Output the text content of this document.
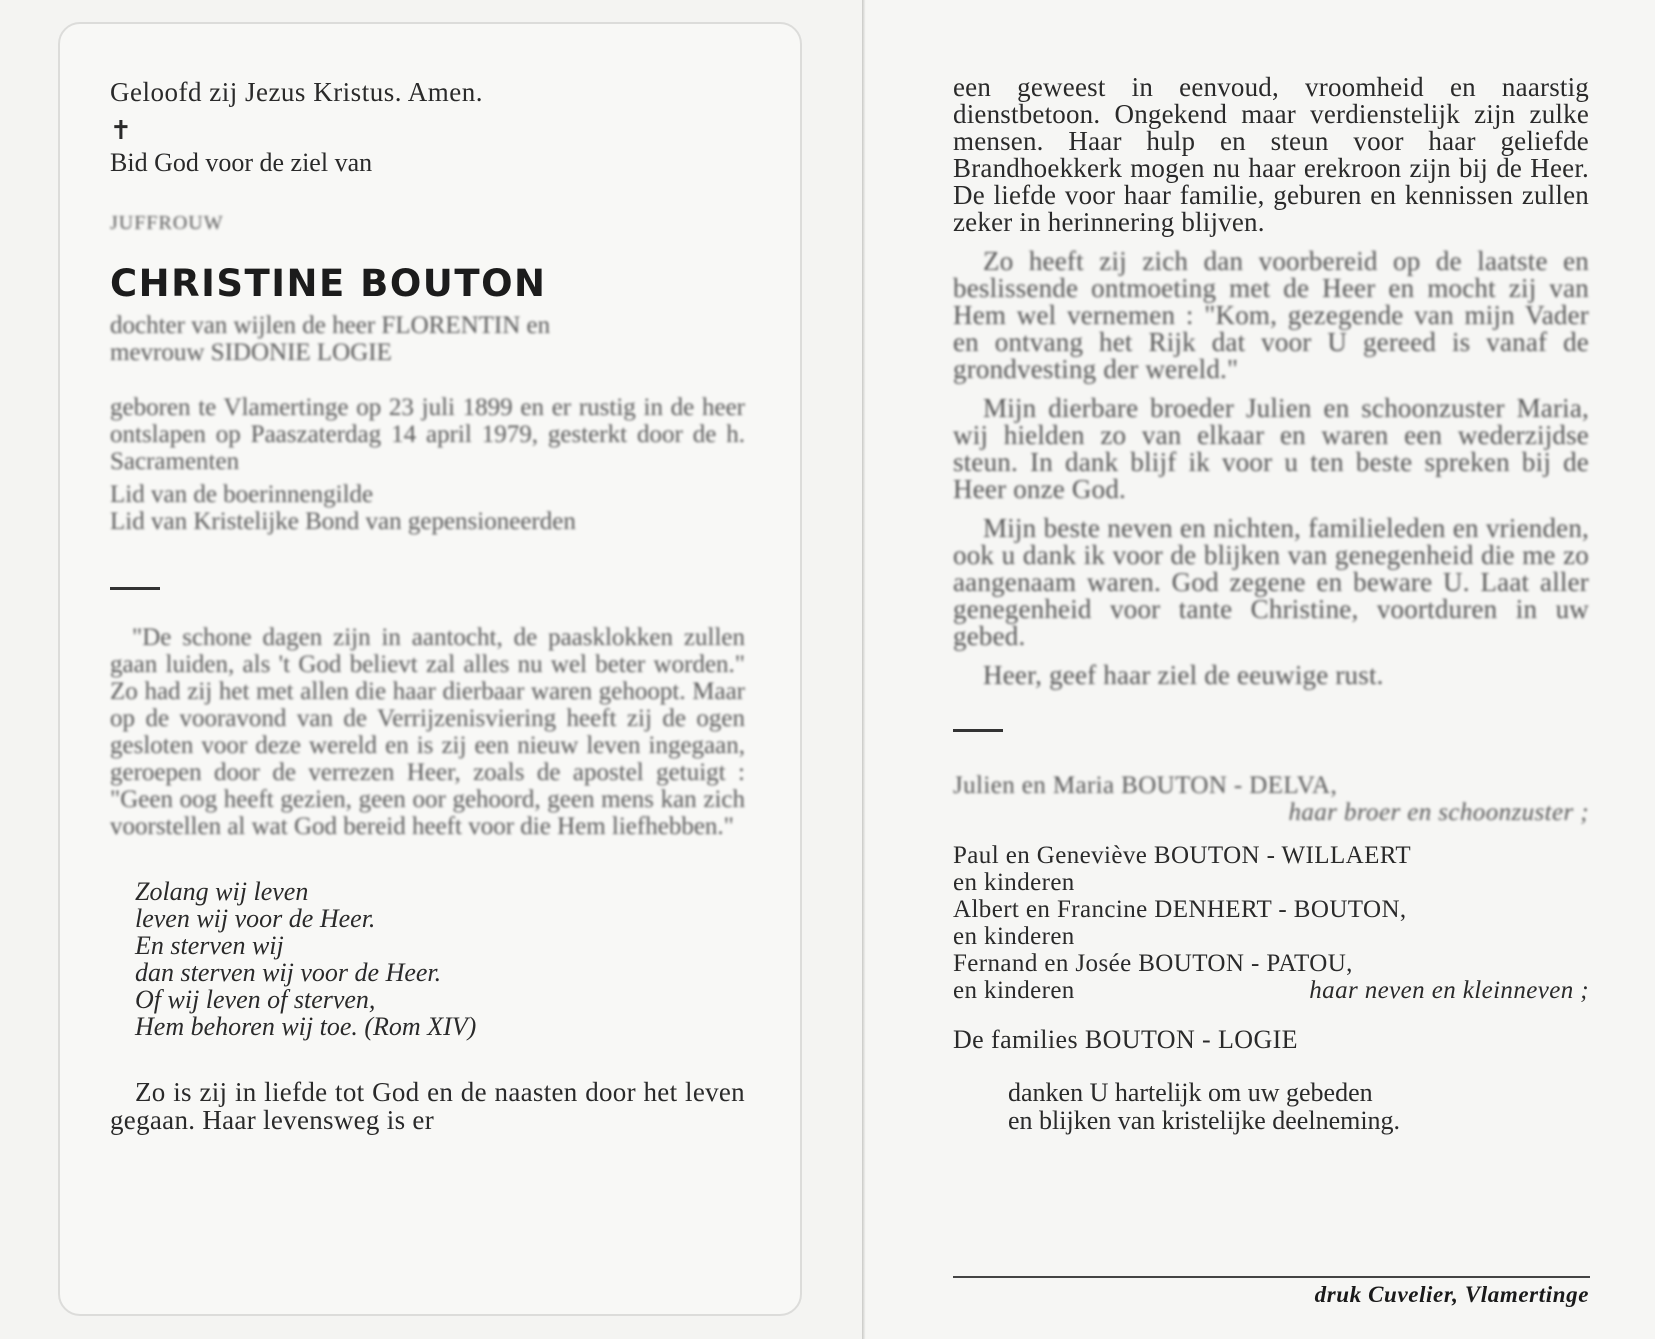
Geloofd zij Jezus Kristus. Amen.

✝

Bid God voor de ziel van

JUFFROUW

CHRISTINE BOUTON

dochter van wijlen de heer FLORENTIN en

mevrouw SIDONIE LOGIE

geboren te Vlamertinge op 23 juli 1899 en er rustig in de heer ontslapen op Paaszaterdag 14 april 1979, gesterkt door de h. Sacramenten

Lid van de boerinnengilde

Lid van Kristelijke Bond van gepensioneerden

"De schone dagen zijn in aantocht, de paasklokken zullen gaan luiden, als 't God believt zal alles nu wel beter worden." Zo had zij het met allen die haar dierbaar waren gehoopt. Maar op de vooravond van de Verrijzenisviering heeft zij de ogen gesloten voor deze wereld en is zij een nieuw leven ingegaan, geroepen door de verrezen Heer, zoals de apostel getuigt : "Geen oog heeft gezien, geen oor gehoord, geen mens kan zich voorstellen al wat God bereid heeft voor die Hem liefhebben."

Zolang wij leven
leven wij voor de Heer.
En sterven wij
dan sterven wij voor de Heer.
Of wij leven of sterven,
Hem behoren wij toe. (Rom XIV)

Zo is zij in liefde tot God en de naasten door het leven gegaan. Haar levensweg is er

een geweest in eenvoud, vroomheid en naarstig dienstbetoon. Ongekend maar verdienstelijk zijn zulke mensen. Haar hulp en steun voor haar geliefde Brandhoekkerk mogen nu haar erekroon zijn bij de Heer. De liefde voor haar familie, geburen en kennissen zullen zeker in herinnering blijven.

Zo heeft zij zich dan voorbereid op de laatste en beslissende ontmoeting met de Heer en mocht zij van Hem wel vernemen : "Kom, gezegende van mijn Vader en ontvang het Rijk dat voor U gereed is vanaf de grondvesting der wereld."

Mijn dierbare broeder Julien en schoonzuster Maria, wij hielden zo van elkaar en waren een wederzijdse steun. In dank blijf ik voor u ten beste spreken bij de Heer onze God.

Mijn beste neven en nichten, familieleden en vrienden, ook u dank ik voor de blijken van genegenheid die me zo aangenaam waren. God zegene en beware U. Laat aller genegenheid voor tante Christine, voortduren in uw gebed.

Heer, geef haar ziel de eeuwige rust.

Julien en Maria BOUTON - DELVA,

haar broer en schoonzuster ;

Paul en Geneviève BOUTON - WILLAERT

en kinderen

Albert en Francine DENHERT - BOUTON,

en kinderen

Fernand en Josée BOUTON - PATOU,

en kinderen	haar neven en kleinneven ;

De families BOUTON - LOGIE

danken U hartelijk om uw gebeden
en blijken van kristelijke deelneming.
druk Cuvelier, Vlamertinge
